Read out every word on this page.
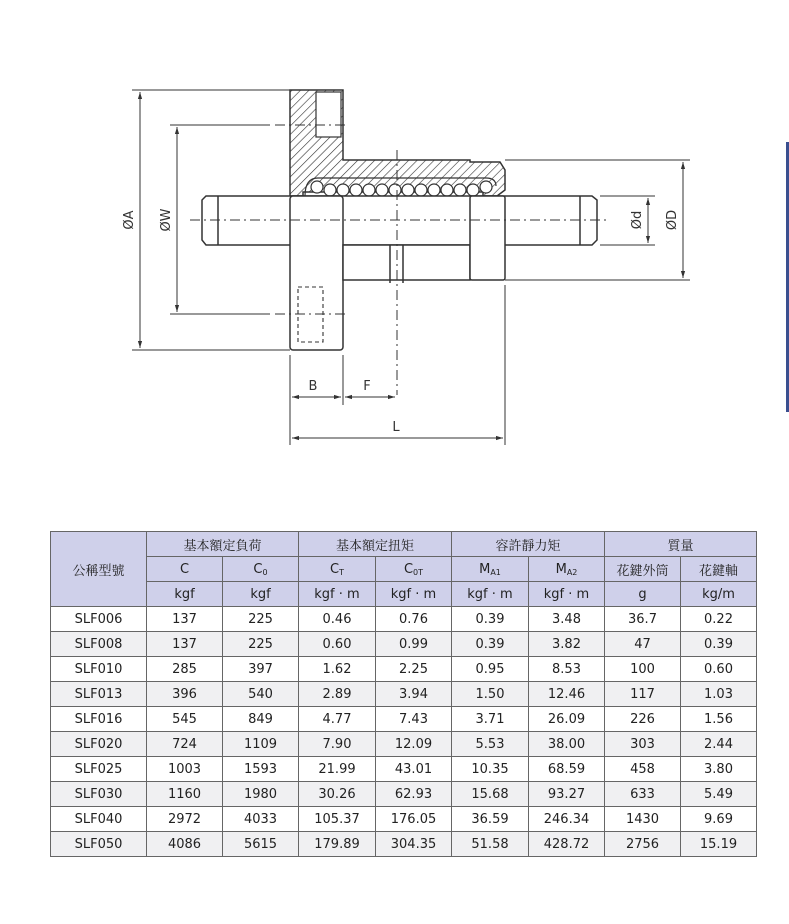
ØA ØW	Ød ØD
B	F
L
公稱型號	基本額定負荷		基本額定扭矩		容許靜力矩		質量	
	C	C0	CT	C0T	MA1	MA2	花鍵外筒	花鍵軸
	kgf	kgf	kgf · m	kgf · m	kgf · m	kgf · m	g	kg/m
SLF006	137	225	0.46	0.76	0.39	3.48	36.7	0.22
SLF008	137	225	0.60	0.99	0.39	3.82	47	0.39
SLF010	285	397	1.62	2.25	0.95	8.53	100	0.60
SLF013	396	540	2.89	3.94	1.50	12.46	117	1.03
SLF016	545	849	4.77	7.43	3.71	26.09	226	1.56
SLF020	724	1109	7.90	12.09	5.53	38.00	303	2.44
SLF025	1003	1593	21.99	43.01	10.35	68.59	458	3.80
SLF030	1160	1980	30.26	62.93	15.68	93.27	633	5.49
SLF040	2972	4033	105.37	176.05	36.59	246.34	1430	9.69
SLF050	4086	5615	179.89	304.35	51.58	428.72	2756	15.19
